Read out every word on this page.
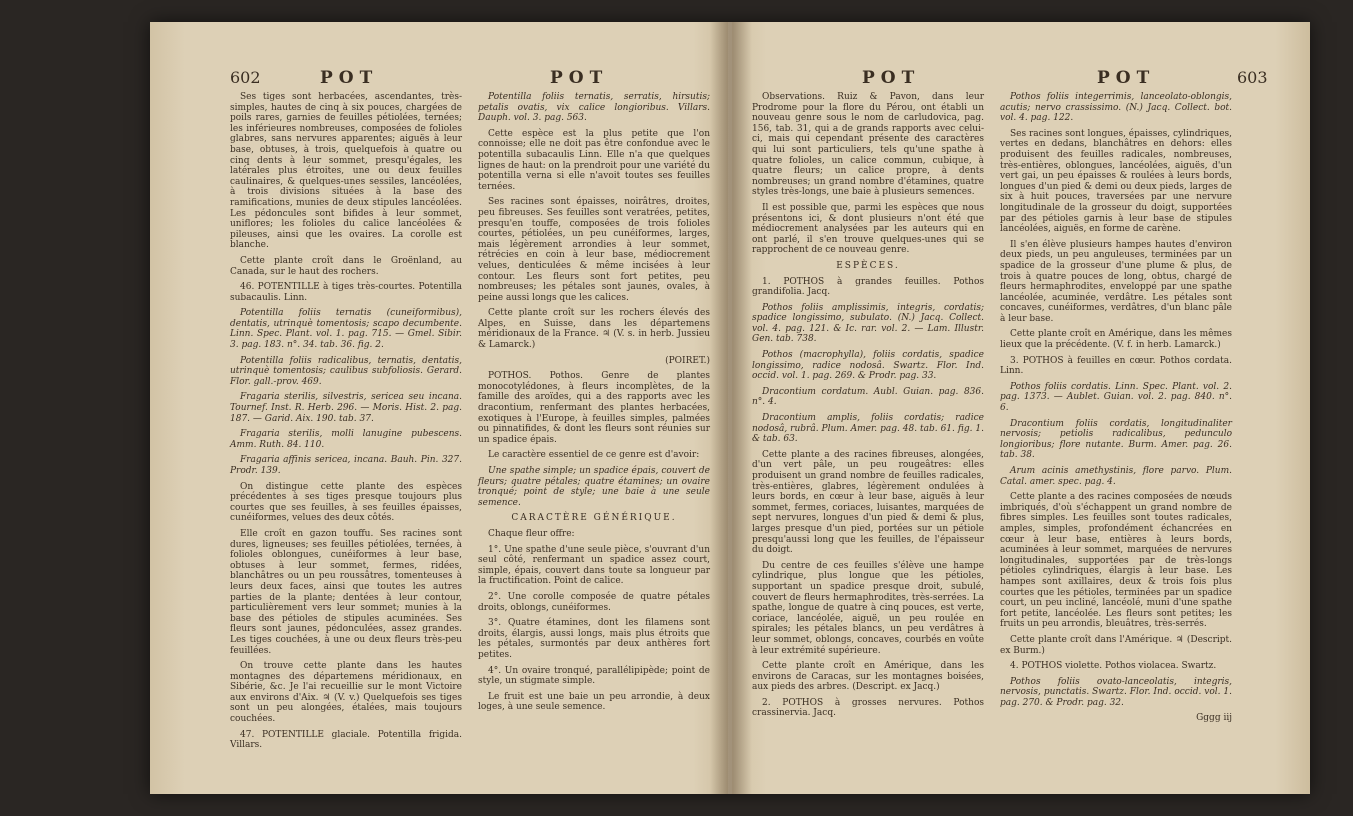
602	POT	POT

Ses tiges sont herbacées, ascendantes, très-simples, hautes de cinq à six pouces, chargées de poils rares, garnies de feuilles pétiolées, ternées; les inférieures nombreuses, composées de folioles glabres, sans nervures apparentes; aiguës à leur base, obtuses, à trois, quelquefois à quatre ou cinq dents à leur sommet, presqu'égales, les latérales plus étroites, une ou deux feuilles caulinaires, & quelques-unes sessiles, lancéolées, à trois divisions situées à la base des ramifications, munies de deux stipules lancéolées. Les pédoncules sont bifides à leur sommet, uniflores; les folioles du calice lancéolées & pileuses, ainsi que les ovaires. La corolle est blanche.

Cette plante croît dans le Groënland, au Canada, sur le haut des rochers.

46. POTENTILLE à tiges très-courtes. Potentilla subacaulis. Linn.

Potentilla foliis ternatis (cuneiformibus), dentatis, utrinquè tomentosis; scapo decumbente. Linn. Spec. Plant. vol. 1. pag. 715. — Gmel. Sibir. 3. pag. 183. n°. 34. tab. 36. fig. 2.

Potentilla foliis radicalibus, ternatis, dentatis, utrinquè tomentosis; caulibus subfoliosis. Gerard. Flor. gall.-prov. 469.

Fragaria sterilis, silvestris, sericea seu incana. Tournef. Inst. R. Herb. 296. — Moris. Hist. 2. pag. 187. — Garid. Aix. 190. tab. 37.

Fragaria sterilis, molli lanugine pubescens. Amm. Ruth. 84. 110.

Fragaria affinis sericea, incana. Bauh. Pin. 327. Prodr. 139.

On distingue cette plante des espèces précédentes à ses tiges presque toujours plus courtes que ses feuilles, à ses feuilles épaisses, cunéiformes, velues des deux côtés.

Elle croît en gazon touffu. Ses racines sont dures, ligneuses; ses feuilles pétiolées, ternées, à folioles oblongues, cunéiformes à leur base, obtuses à leur sommet, fermes, ridées, blanchâtres ou un peu roussâtres, tomenteuses à leurs deux faces, ainsi que toutes les autres parties de la plante; dentées à leur contour, particulièrement vers leur sommet; munies à la base des pétioles de stipules acuminées. Ses fleurs sont jaunes, pédonculées, assez grandes. Les tiges couchées, à une ou deux fleurs très-peu feuillées.

On trouve cette plante dans les hautes montagnes des départemens méridionaux, en Sibérie, &c. Je l'ai recueillie sur le mont Victoire aux environs d'Aix. ♃ (V. v.) Quelquefois ses tiges sont un peu alongées, étalées, mais toujours couchées.

47. POTENTILLE glaciale. Potentilla frigida. Villars.

Potentilla foliis ternatis, serratis, hirsutis; petalis ovatis, vix calice longioribus. Villars. Dauph. vol. 3. pag. 563.

Cette espèce est la plus petite que l'on connoisse; elle ne doit pas être confondue avec le potentilla subacaulis Linn. Elle n'a que quelques lignes de haut: on la prendroit pour une variété du potentilla verna si elle n'avoit toutes ses feuilles ternées.

Ses racines sont épaisses, noirâtres, droites, peu fibreuses. Ses feuilles sont veratrées, petites, presqu'en touffe, composées de trois folioles courtes, pétiolées, un peu cunéiformes, larges, mais légèrement arrondies à leur sommet, rétrécies en coin à leur base, médiocrement velues, denticulées & même incisées à leur contour. Les fleurs sont fort petites, peu nombreuses; les pétales sont jaunes, ovales, à peine aussi longs que les calices.

Cette plante croît sur les rochers élevés des Alpes, en Suisse, dans les départemens méridionaux de la France. ♃ (V. s. in herb. Jussieu & Lamarck.)

(POIRET.)

POTHOS. Pothos. Genre de plantes monocotylédones, à fleurs incomplètes, de la famille des aroïdes, qui a des rapports avec les dracontium, renfermant des plantes herbacées, exotiques à l'Europe, à feuilles simples, palmées ou pinnatifides, & dont les fleurs sont réunies sur un spadice épais.

Le caractère essentiel de ce genre est d'avoir:

Une spathe simple; un spadice épais, couvert de fleurs; quatre pétales; quatre étamines; un ovaire tronqué; point de style; une baie à une seule semence.

CARACTÈRE GÉNÉRIQUE.

Chaque fleur offre:

1°. Une spathe d'une seule pièce, s'ouvrant d'un seul côté, renfermant un spadice assez court, simple, épais, couvert dans toute sa longueur par la fructification. Point de calice.

2°. Une corolle composée de quatre pétales droits, oblongs, cunéiformes.

3°. Quatre étamines, dont les filamens sont droits, élargis, aussi longs, mais plus étroits que les pétales, surmontés par deux anthères fort petites.

4°. Un ovaire tronqué, parallélipipède; point de style, un stigmate simple.

Le fruit est une baie un peu arrondie, à deux loges, à une seule semence.

POT	POT	603

Observations. Ruiz & Pavon, dans leur Prodrome pour la flore du Pérou, ont établi un nouveau genre sous le nom de carludovica, pag. 156, tab. 31, qui a de grands rapports avec celui-ci, mais qui cependant présente des caractères qui lui sont particuliers, tels qu'une spathe à quatre folioles, un calice commun, cubique, à quatre fleurs; un calice propre, à dents nombreuses; un grand nombre d'étamines, quatre styles très-longs, une baie à plusieurs semences.

Il est possible que, parmi les espèces que nous présentons ici, & dont plusieurs n'ont été que médiocrement analysées par les auteurs qui en ont parlé, il s'en trouve quelques-unes qui se rapprochent de ce nouveau genre.

ESPÈCES.

1. POTHOS à grandes feuilles. Pothos grandifolia. Jacq.

Pothos foliis amplissimis, integris, cordatis; spadice longissimo, subulato. (N.) Jacq. Collect. vol. 4. pag. 121. & Ic. rar. vol. 2. — Lam. Illustr. Gen. tab. 738.

Pothos (macrophylla), foliis cordatis, spadice longissimo, radice nodosâ. Swartz. Flor. Ind. occid. vol. 1. pag. 269. & Prodr. pag. 33.

Dracontium cordatum. Aubl. Guian. pag. 836. n°. 4.

Dracontium amplis, foliis cordatis; radice nodosâ, rubrâ. Plum. Amer. pag. 48. tab. 61. fig. 1. & tab. 63.

Cette plante a des racines fibreuses, alongées, d'un vert pâle, un peu rougeâtres: elles produisent un grand nombre de feuilles radicales, très-entières, glabres, légèrement ondulées à leurs bords, en cœur à leur base, aiguës à leur sommet, fermes, coriaces, luisantes, marquées de sept nervures, longues d'un pied & demi & plus, larges presque d'un pied, portées sur un pétiole presqu'aussi long que les feuilles, de l'épaisseur du doigt.

Du centre de ces feuilles s'élève une hampe cylindrique, plus longue que les pétioles, supportant un spadice presque droit, subulé, couvert de fleurs hermaphrodites, très-serrées. La spathe, longue de quatre à cinq pouces, est verte, coriace, lancéolée, aiguë, un peu roulée en spirales; les pétales blancs, un peu verdâtres à leur sommet, oblongs, concaves, courbés en voûte à leur extrémité supérieure.

Cette plante croît en Amérique, dans les environs de Caracas, sur les montagnes boisées, aux pieds des arbres. (Descript. ex Jacq.)

2. POTHOS à grosses nervures. Pothos crassinervia. Jacq.

Pothos foliis integerrimis, lanceolato-oblongis, acutis; nervo crassissimo. (N.) Jacq. Collect. bot. vol. 4. pag. 122.

Ses racines sont longues, épaisses, cylindriques, vertes en dedans, blanchâtres en dehors: elles produisent des feuilles radicales, nombreuses, très-entières, oblongues, lancéolées, aiguës, d'un vert gai, un peu épaisses & roulées à leurs bords, longues d'un pied & demi ou deux pieds, larges de six à huit pouces, traversées par une nervure longitudinale de la grosseur du doigt, supportées par des pétioles garnis à leur base de stipules lancéolées, aiguës, en forme de carène.

Il s'en élève plusieurs hampes hautes d'environ deux pieds, un peu anguleuses, terminées par un spadice de la grosseur d'une plume & plus, de trois à quatre pouces de long, obtus, chargé de fleurs hermaphrodites, enveloppé par une spathe lancéolée, acuminée, verdâtre. Les pétales sont concaves, cunéiformes, verdâtres, d'un blanc pâle à leur base.

Cette plante croît en Amérique, dans les mêmes lieux que la précédente. (V. f. in herb. Lamarck.)

3. POTHOS à feuilles en cœur. Pothos cordata. Linn.

Pothos foliis cordatis. Linn. Spec. Plant. vol. 2. pag. 1373. — Aublet. Guian. vol. 2. pag. 840. n°. 6.

Dracontium foliis cordatis, longitudinaliter nervosis; petiolis radicalibus, pedunculo longioribus; flore nutante. Burm. Amer. pag. 26. tab. 38.

Arum acinis amethystinis, flore parvo. Plum. Catal. amer. spec. pag. 4.

Cette plante a des racines composées de nœuds imbriqués, d'où s'échappent un grand nombre de fibres simples. Les feuilles sont toutes radicales, amples, simples, profondément échancrées en cœur à leur base, entières à leurs bords, acuminées à leur sommet, marquées de nervures longitudinales, supportées par de très-longs pétioles cylindriques, élargis à leur base. Les hampes sont axillaires, deux & trois fois plus courtes que les pétioles, terminées par un spadice court, un peu incliné, lancéolé, muni d'une spathe fort petite, lancéolée. Les fleurs sont petites; les fruits un peu arrondis, bleuâtres, très-serrés.

Cette plante croît dans l'Amérique. ♃ (Descript. ex Burm.)

4. POTHOS violette. Pothos violacea. Swartz.

Pothos foliis ovato-lanceolatis, integris, nervosis, punctatis. Swartz. Flor. Ind. occid. vol. 1. pag. 270. & Prodr. pag. 32.

Gggg iij
